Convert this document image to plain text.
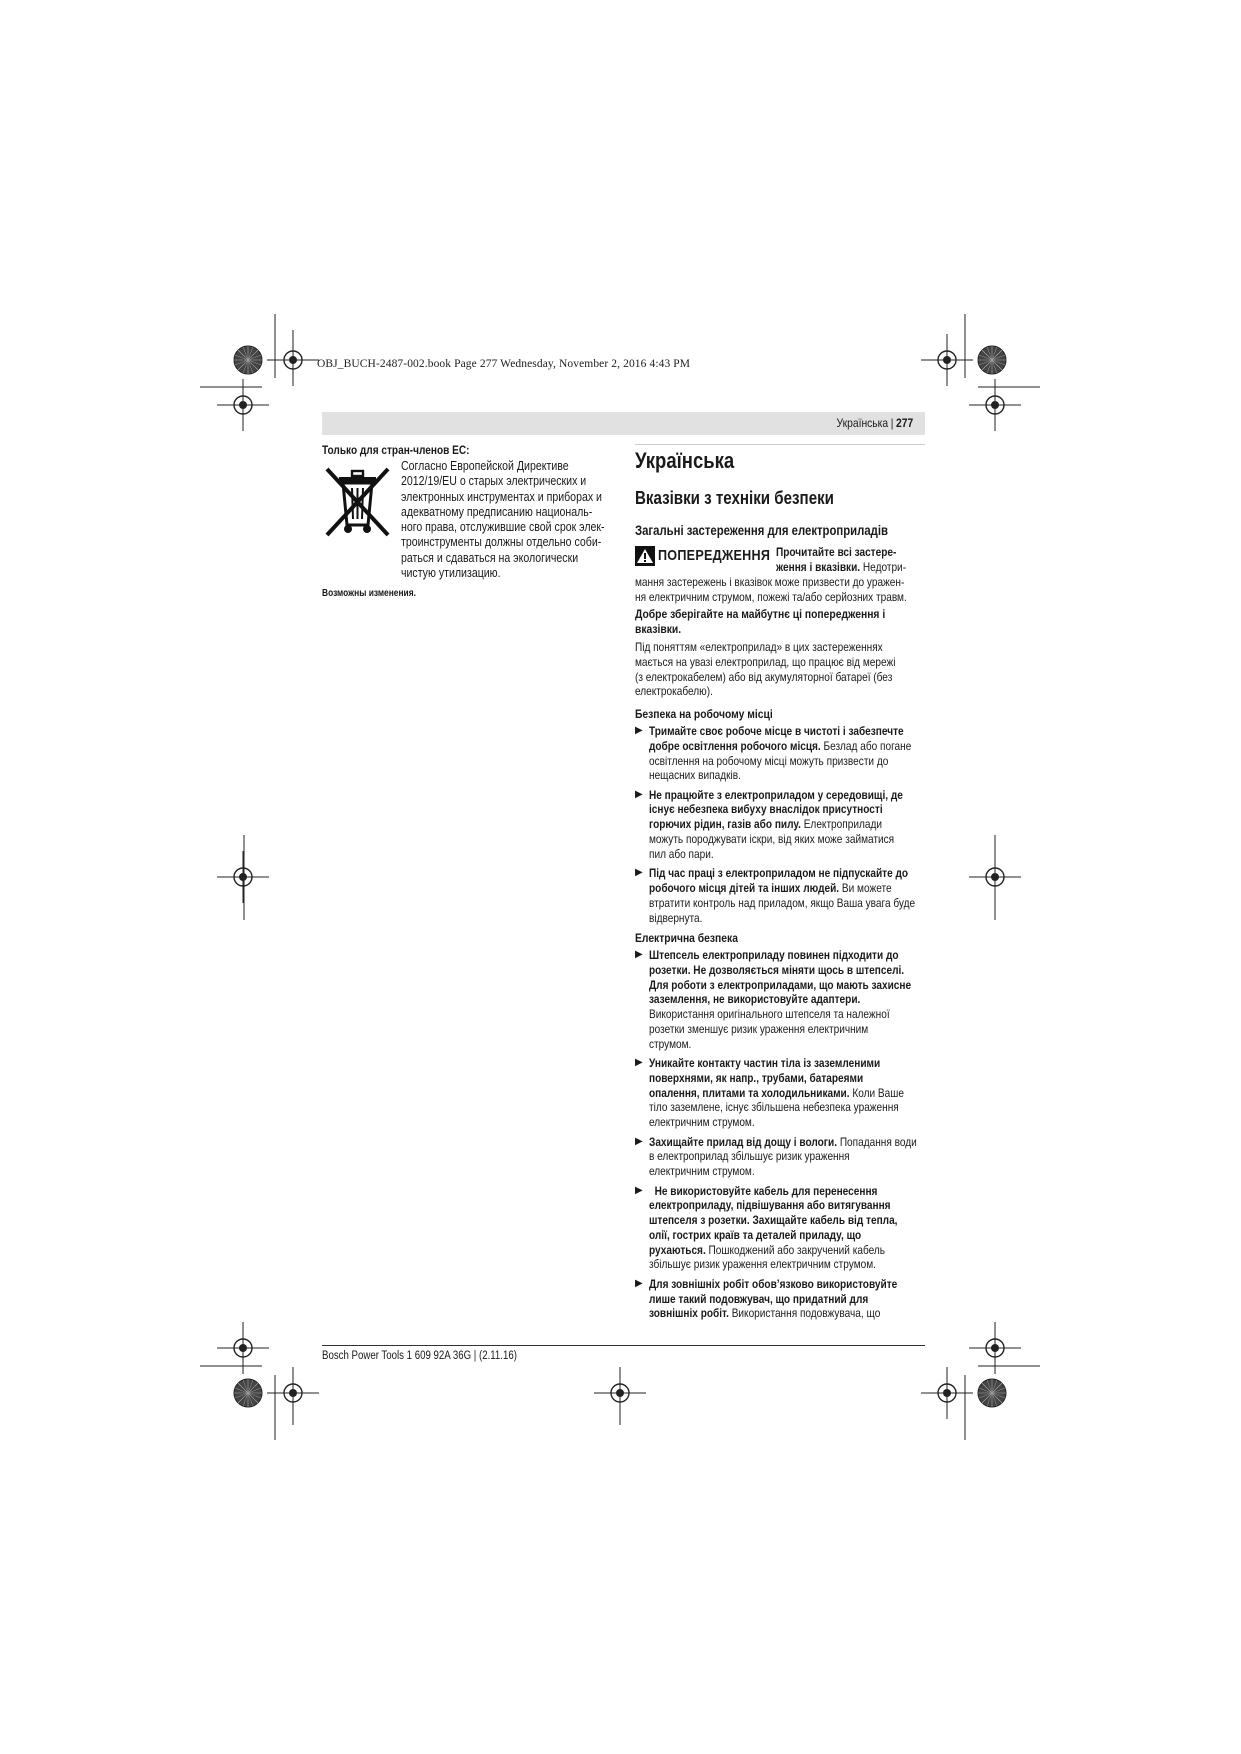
OBJ_BUCH-2487-002.book Page 277 Wednesday, November 2, 2016 4:43 PM
Українська | 277
Только для стран-членов ЕС:
Согласно Европейской Директиве
2012/19/EU о старых электрических и
электронных инструментах и приборах и
адекватному предписанию националь-
ного права, отслужившие свой срок элек-
троинструменты должны отдельно соби-
раться и сдаваться на экологически
чистую утилизацию.
Возможны изменения.
Українська
Вказівки з техніки безпеки
Загальні застереження для електроприладів
ПОПЕРЕДЖЕННЯ Прочитайте всі застере-
ження і вказівки. Недотри-
мання застережень і вказівок може призвести до уражен-
ня електричним струмом, пожежі та/або серйозних травм.
Добре зберігайте на майбутнє ці попередження і
вказівки.
Під поняттям «електроприлад» в цих застереженнях
мається на увазі електроприлад, що працює від мережі
(з електрокабелем) або від акумуляторної батареї (без
електрокабелю).
Безпека на робочому місці
▶ Тримайте своє робоче місце в чистоті і забезпечте
добре освітлення робочого місця. Безлад або погане
освітлення на робочому місці можуть призвести до
нещасних випадків.
▶ Не працюйте з електроприладом у середовищі, де
існує небезпека вибуху внаслідок присутності
горючих рідин, газів або пилу. Електроприлади
можуть породжувати іскри, від яких може займатися
пил або пари.
▶ Під час праці з електроприладом не підпускайте до
робочого місця дітей та інших людей. Ви можете
втратити контроль над приладом, якщо Ваша увага буде
відвернута.
Електрична безпека
▶ Штепсель електроприладу повинен підходити до
розетки. Не дозволяється міняти щось в штепселі.
Для роботи з електроприладами, що мають захисне
заземлення, не використовуйте адаптери.
Використання оригінального штепселя та належної
розетки зменшує ризик ураження електричним
струмом.
▶ Уникайте контакту частин тіла із заземленими
поверхнями, як напр., трубами, батареями
опалення, плитами та холодильниками. Коли Ваше
тіло заземлене, існує збільшена небезпека ураження
електричним струмом.
▶ Захищайте прилад від дощу і вологи. Попадання води
в електроприлад збільшує ризик ураження
електричним струмом.
▶ Не використовуйте кабель для перенесення
електроприладу, підвішування або витягування
штепселя з розетки. Захищайте кабель від тепла,
олії, гострих країв та деталей приладу, що
рухаються. Пошкоджений або закручений кабель
збільшує ризик ураження електричним струмом.
▶ Для зовнішніх робіт обов’язково використовуйте
лише такий подовжувач, що придатний для
зовнішніх робіт. Використання подовжувача, що
Bosch Power Tools 1 609 92A 36G | (2.11.16)
